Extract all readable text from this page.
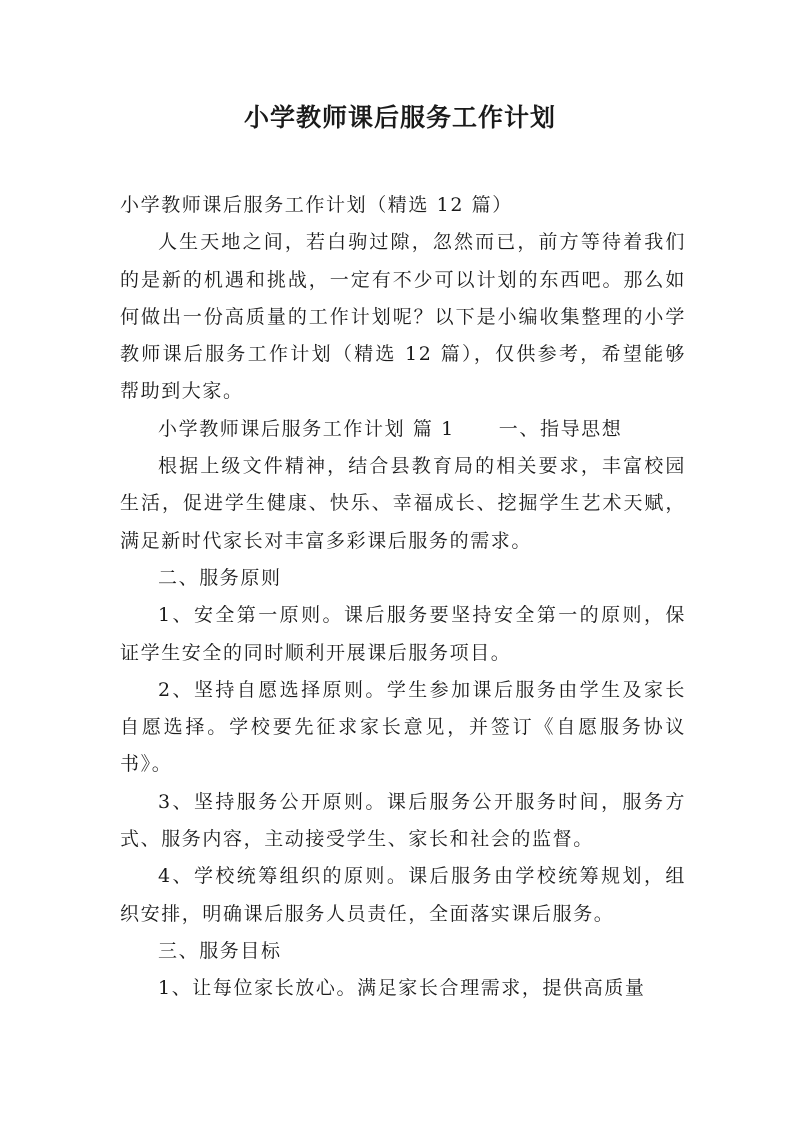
小学教师课后服务工作计划

小学教师课后服务工作计划（精选 12 篇）

人生天地之间，若白驹过隙，忽然而已，前方等待着我们的是新的机遇和挑战，一定有不少可以计划的东西吧。那么如何做出一份高质量的工作计划呢？以下是小编收集整理的小学教师课后服务工作计划（精选 12 篇），仅供参考，希望能够帮助到大家。

小学教师课后服务工作计划 篇 1 一、指导思想

根据上级文件精神，结合县教育局的相关要求，丰富校园生活，促进学生健康、快乐、幸福成长、挖掘学生艺术天赋，满足新时代家长对丰富多彩课后服务的需求。

二、服务原则

1、安全第一原则。课后服务要坚持安全第一的原则，保证学生安全的同时顺利开展课后服务项目。

2、坚持自愿选择原则。学生参加课后服务由学生及家长自愿选择。学校要先征求家长意见，并签订《自愿服务协议书》。

3、坚持服务公开原则。课后服务公开服务时间，服务方式、服务内容，主动接受学生、家长和社会的监督。

4、学校统筹组织的原则。课后服务由学校统筹规划，组织安排，明确课后服务人员责任，全面落实课后服务。

三、服务目标

1、让每位家长放心。满足家长合理需求，提供高质量
